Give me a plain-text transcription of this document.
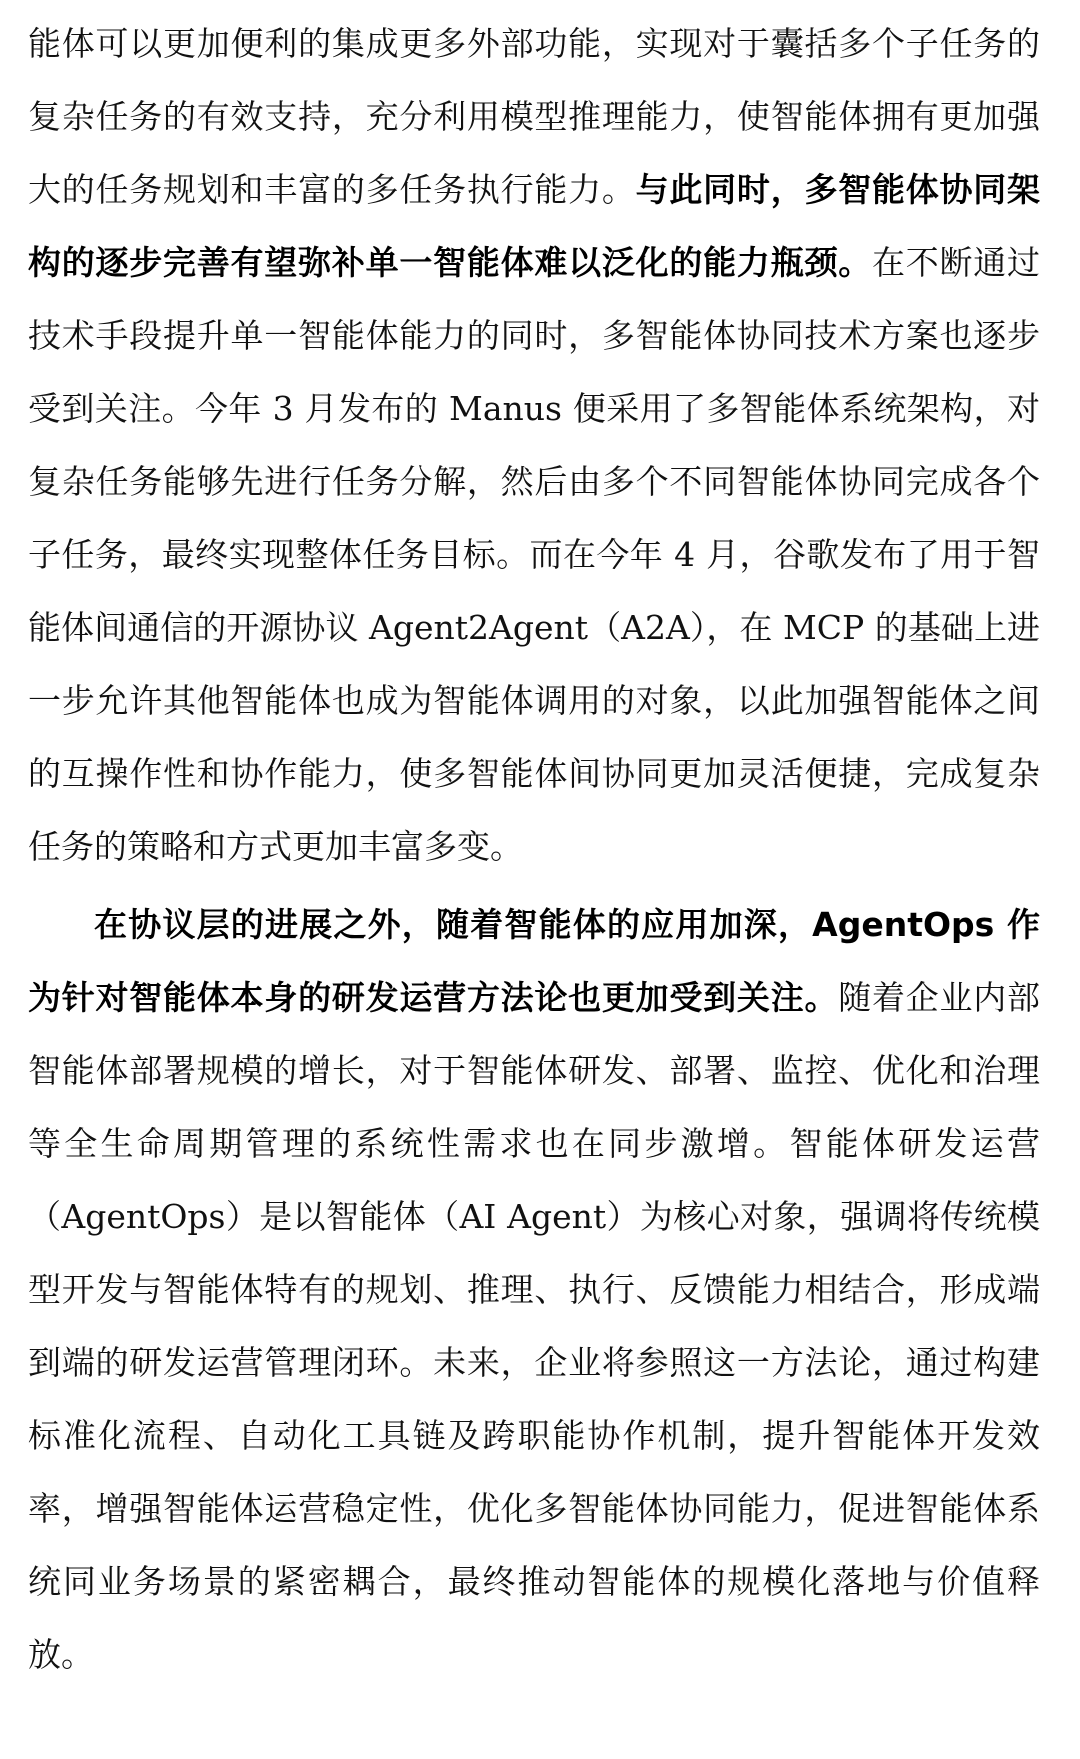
能体可以更加便利的集成更多外部功能，实现对于囊括多个子任务的复杂任务的有效支持，充分利用模型推理能力，使智能体拥有更加强大的任务规划和丰富的多任务执行能力。与此同时，多智能体协同架构的逐步完善有望弥补单一智能体难以泛化的能力瓶颈。在不断通过技术手段提升单一智能体能力的同时，多智能体协同技术方案也逐步受到关注。今年 3 月发布的 Manus 便采用了多智能体系统架构，对复杂任务能够先进行任务分解，然后由多个不同智能体协同完成各个子任务，最终实现整体任务目标。而在今年 4 月，谷歌发布了用于智能体间通信的开源协议 Agent2Agent（A2A），在 MCP 的基础上进一步允许其他智能体也成为智能体调用的对象，以此加强智能体之间的互操作性和协作能力，使多智能体间协同更加灵活便捷，完成复杂任务的策略和方式更加丰富多变。

在协议层的进展之外，随着智能体的应用加深，AgentOps 作为针对智能体本身的研发运营方法论也更加受到关注。随着企业内部智能体部署规模的增长，对于智能体研发、部署、监控、优化和治理等全生命周期管理的系统性需求也在同步激增。智能体研发运营（AgentOps）是以智能体（AI Agent）为核心对象，强调将传统模型开发与智能体特有的规划、推理、执行、反馈能力相结合，形成端到端的研发运营管理闭环。未来，企业将参照这一方法论，通过构建标准化流程、自动化工具链及跨职能协作机制，提升智能体开发效率，增强智能体运营稳定性，优化多智能体协同能力，促进智能体系统同业务场景的紧密耦合，最终推动智能体的规模化落地与价值释放。
